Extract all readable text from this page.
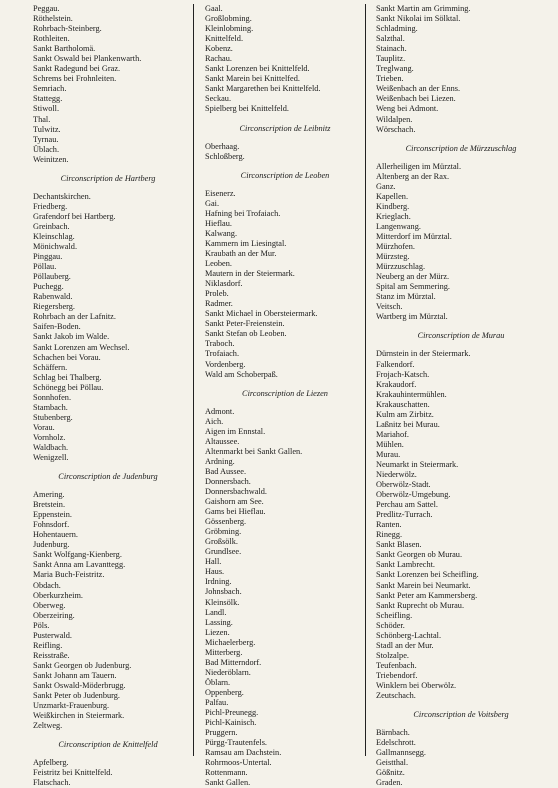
Peggau.
Röthelstein.
Rohrbach-Steinberg.
Rothleiten.
Sankt Bartholomä.
Sankt Oswald bei Plankenwarth.
Sankt Radegund bei Graz.
Schrems bei Frohnleiten.
Semriach.
Stattegg.
Stiwoll.
Thal.
Tulwitz.
Tyrnau.
Üblach.
Weinitzen.
Circonscription de Hartberg
Dechantskirchen.
Friedberg.
Grafendorf bei Hartberg.
Greinbach.
Kleinschlag.
Mönichwald.
Pinggau.
Pöllau.
Pöllauberg.
Puchegg.
Rabenwald.
Riegersberg.
Rohrbach an der Lafnitz.
Saifen-Boden.
Sankt Jakob im Walde.
Sankt Lorenzen am Wechsel.
Schachen bei Vorau.
Schäffern.
Schlag bei Thalberg.
Schönegg bei Pöllau.
Sonnhofen.
Stambach.
Stubenberg.
Vorau.
Vornholz.
Waldbach.
Wenigzell.
Circonscription de Judenburg
Amering.
Bretstein.
Eppenstein.
Fohnsdorf.
Hohentauern.
Judenburg.
Sankt Wolfgang-Kienberg.
Sankt Anna am Lavanttegg.
Maria Buch-Feistritz.
Obdach.
Oberkurzheim.
Oberweg.
Oberzeiring.
Pöls.
Pusterwald.
Reifling.
Reisstraße.
Sankt Georgen ob Judenburg.
Sankt Johann am Tauern.
Sankt Oswald-Möderbrugg.
Sankt Peter ob Judenburg.
Unzmarkt-Frauenburg.
Weißkirchen in Steiermark.
Zeltweg.
Circonscription de Knittelfeld
Apfelberg.
Feistritz bei Knittelfeld.
Flatschach.
Gaal.
Großlobming.
Kleinlobming.
Knittelfeld.
Kobenz.
Rachau.
Sankt Lorenzen bei Knittelfeld.
Sankt Marein bei Knittelfed.
Sankt Margarethen bei Knittelfeld.
Seckau.
Spielberg bei Knittelfeld.
Circonscription de Leibnitz
Oberhaag.
Schloßberg.
Circonscription de Leoben
Eisenerz.
Gai.
Hafning bei Trofaiach.
Hieflau.
Kalwang.
Kammern im Liesingtal.
Kraubath an der Mur.
Leoben.
Mautern in der Steiermark.
Niklasdorf.
Proleb.
Radmer.
Sankt Michael in Obersteiermark.
Sankt Peter-Freienstein.
Sankt Stefan ob Leoben.
Traboch.
Trofaiach.
Vordenberg.
Wald am Schoberpaß.
Circonscription de Liezen
Admont.
Aich.
Aigen im Ennstal.
Altaussee.
Altenmarkt bei Sankt Gallen.
Ardning.
Bad Aussee.
Donnersbach.
Donnersbachwald.
Gaishorn am See.
Gams bei Hieflau.
Gössenberg.
Gröbming.
Großsölk.
Grundlsee.
Hall.
Haus.
Irdning.
Johnsbach.
Kleinsölk.
Landl.
Lassing.
Liezen.
Michaelerberg.
Mitterberg.
Bad Mitterndorf.
Niederöblarn.
Öblarn.
Oppenberg.
Palfau.
Pichl-Preunegg.
Pichl-Kainisch.
Pruggern.
Pürgg-Trautenfels.
Ramsau am Dachstein.
Rohrmoos-Untertal.
Rottenmann.
Sankt Gallen.
Sankt Martin am Grimming.
Sankt Nikolai im Sölktal.
Schladming.
Salzthal.
Stainach.
Tauplitz.
Treglwang.
Trieben.
Weißenbach an der Enns.
Weißenbach bei Liezen.
Weng bei Admont.
Wildalpen.
Wörschach.
Circonscription de Mürzzuschlag
Allerheiligen im Mürztal.
Altenberg an der Rax.
Ganz.
Kapellen.
Kindberg.
Krieglach.
Langenwang.
Mitterdorf im Mürztal.
Mürzhofen.
Mürzsteg.
Mürzzuschlag.
Neuberg an der Mürz.
Spital am Semmering.
Stanz im Mürztal.
Veitsch.
Wartberg im Mürztal.
Circonscription de Murau
Dürnstein in der Steiermark.
Falkendorf.
Frojach-Katsch.
Krakaudorf.
Krakauhintermühlen.
Krakauschatten.
Kulm am Zirbitz.
Laßnitz bei Murau.
Mariahof.
Mühlen.
Murau.
Neumarkt in Steiermark.
Niederwölz.
Oberwölz-Stadt.
Oberwölz-Umgebung.
Perchau am Sattel.
Predlitz-Turrach.
Ranten.
Rinegg.
Sankt Blasen.
Sankt Georgen ob Murau.
Sankt Lambrecht.
Sankt Lorenzen bei Scheifling.
Sankt Marein bei Neumarkt.
Sankt Peter am Kammersberg.
Sankt Ruprecht ob Murau.
Scheifling.
Schöder.
Schönberg-Lachtal.
Stadl an der Mur.
Stolzalpe.
Teufenbach.
Triebendorf.
Winklern bei Oberwölz.
Zeutschach.
Circonscription de Voitsberg
Bärnbach.
Edelschrott.
Gallmannsegg.
Geistthal.
Gößnitz.
Graden.
